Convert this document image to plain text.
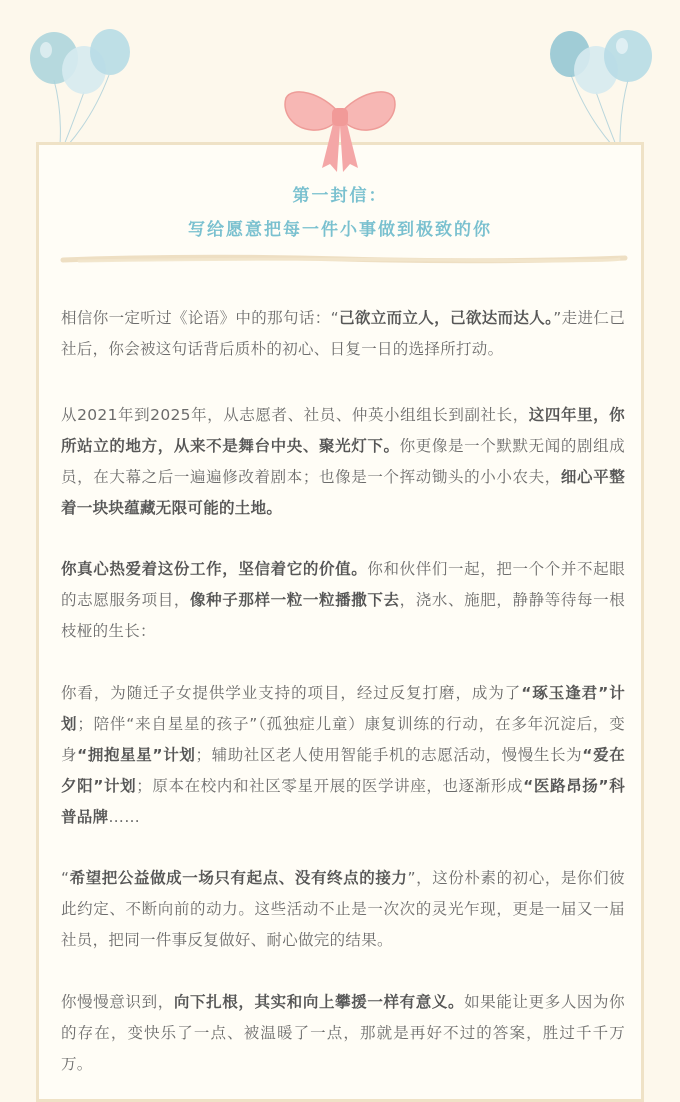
第一封信：
写给愿意把每一件小事做到极致的你

相信你一定听过《论语》中的那句话：“己欲立而立人，己欲达而达人。”走进仁己社后，你会被这句话背后质朴的初心、日复一日的选择所打动。

从2021年到2025年，从志愿者、社员、仲英小组组长到副社长，这四年里，你所站立的地方，从来不是舞台中央、聚光灯下。你更像是一个默默无闻的剧组成员，在大幕之后一遍遍修改着剧本；也像是一个挥动锄头的小小农夫，细心平整着一块块蕴藏无限可能的土地。

你真心热爱着这份工作，坚信着它的价值。你和伙伴们一起，把一个个并不起眼的志愿服务项目，像种子那样一粒一粒播撒下去，浇水、施肥，静静等待每一根枝桠的生长：

你看，为随迁子女提供学业支持的项目，经过反复打磨，成为了“琢玉逢君”计划；陪伴“来自星星的孩子”（孤独症儿童）康复训练的行动，在多年沉淀后，变身“拥抱星星”计划；辅助社区老人使用智能手机的志愿活动，慢慢生长为“爱在夕阳”计划；原本在校内和社区零星开展的医学讲座，也逐渐形成“医路昂扬”科普品牌……

“希望把公益做成一场只有起点、没有终点的接力”，这份朴素的初心，是你们彼此约定、不断向前的动力。这些活动不止是一次次的灵光乍现，更是一届又一届社员，把同一件事反复做好、耐心做完的结果。

你慢慢意识到，向下扎根，其实和向上攀援一样有意义。如果能让更多人因为你的存在，变快乐了一点、被温暖了一点，那就是再好不过的答案，胜过千千万万。
